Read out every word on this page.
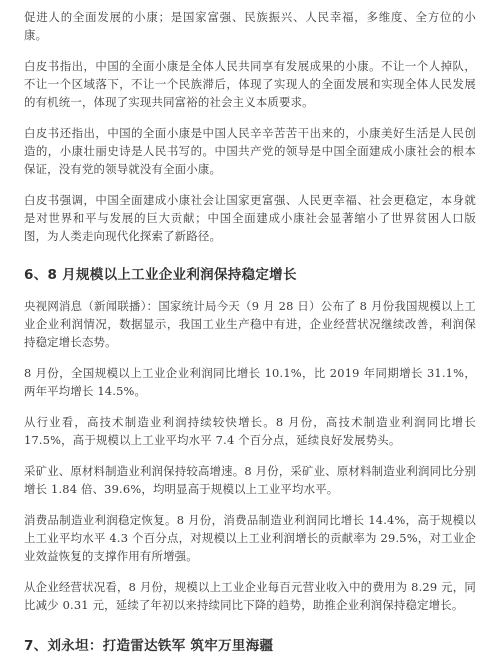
促进人的全面发展的小康；是国家富强、民族振兴、人民幸福，多维度、全方位的小康。

白皮书指出，中国的全面小康是全体人民共同享有发展成果的小康。不让一个人掉队，不让一个区域落下，不让一个民族滞后，体现了实现人的全面发展和实现全体人民发展的有机统一，体现了实现共同富裕的社会主义本质要求。

白皮书还指出，中国的全面小康是中国人民辛辛苦苦干出来的，小康美好生活是人民创造的，小康壮丽史诗是人民书写的。中国共产党的领导是中国全面建成小康社会的根本保证，没有党的领导就没有全面小康。

白皮书强调，中国全面建成小康社会让国家更富强、人民更幸福、社会更稳定，本身就是对世界和平与发展的巨大贡献；中国全面建成小康社会显著缩小了世界贫困人口版图，为人类走向现代化探索了新路径。

6、8 月规模以上工业企业利润保持稳定增长

央视网消息（新闻联播）：国家统计局今天（9 月 28 日）公布了 8 月份我国规模以上工业企业利润情况，数据显示，我国工业生产稳中有进，企业经营状况继续改善，利润保持稳定增长态势。

8 月份，全国规模以上工业企业利润同比增长 10.1%，比 2019 年同期增长 31.1%，两年平均增长 14.5%。

从行业看，高技术制造业利润持续较快增长。8 月份，高技术制造业利润同比增长 17.5%，高于规模以上工业平均水平 7.4 个百分点，延续良好发展势头。

采矿业、原材料制造业利润保持较高增速。8 月份，采矿业、原材料制造业利润同比分别增长 1.84 倍、39.6%，均明显高于规模以上工业平均水平。

消费品制造业利润稳定恢复。8 月份，消费品制造业利润同比增长 14.4%，高于规模以上工业平均水平 4.3 个百分点，对规模以上工业利润增长的贡献率为 29.5%，对工业企业效益恢复的支撑作用有所增强。

从企业经营状况看，8 月份，规模以上工业企业每百元营业收入中的费用为 8.29 元，同比减少 0.31 元，延续了年初以来持续同比下降的趋势，助推企业利润保持稳定增长。

7、刘永坦：打造雷达铁军 筑牢万里海疆
